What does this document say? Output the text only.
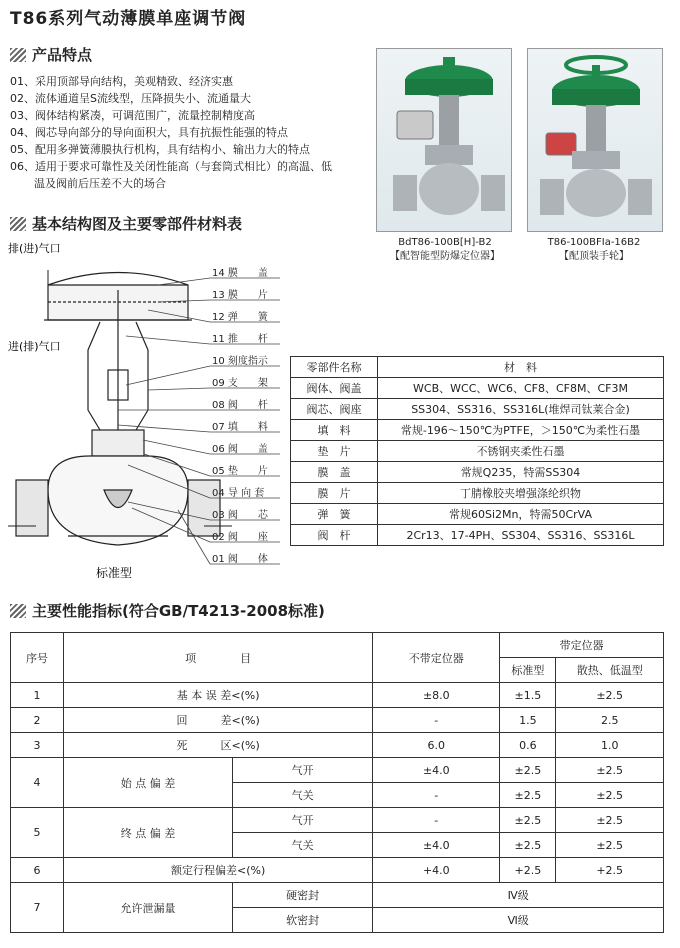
T86系列气动薄膜单座调节阀
产品特点
01、采用顶部导向结构，美观精致、经济实惠
02、流体通道呈S流线型，压降损失小、流通量大
03、阀体结构紧凑，可调范围广，流量控制精度高
04、阀芯导向部分的导向面积大，具有抗振性能强的特点
05、配用多弹簧薄膜执行机构，具有结构小、输出力大的特点
06、适用于要求可靠性及关闭性能高（与套筒式相比）的高温、低
温及阀前后压差不大的场合
BdT86-100B[H]-B2
【配智能型防爆定位器】
T86-100BFIa-16B2
【配顶装手轮】
基本结构图及主要零部件材料表
排(进)气口
进(排)气口
标准型
14 膜　　盖
13 膜　　片
12 弹　　簧
11 推　　杆
10 刻度指示
09 支　　架
08 阀　　杆
07 填　　料
06 阀　　盖
05 垫　　片
04 导 向 套
03 阀　　芯
02 阀　　座
01 阀　　体
主要性能指标(符合GB/T4213-2008标准)
零部件名称	材　料
阀体、阀盖	WCB、WCC、WC6、CF8、CF8M、CF3M
阀芯、阀座	SS304、SS316、SS316L(堆焊司钛莱合金)
填　料	常规-196～150℃为PTFE，＞150℃为柔性石墨
垫　片	不锈钢夹柔性石墨
膜　盖	常规Q235，特需SS304
膜　片	丁腈橡胶夹增强涤纶织物
弹　簧	常规60Si2Mn，特需50CrVA
阀　杆	2Cr13、17-4PH、SS304、SS316、SS316L
序号	项　　　　目		不带定位器	带定位器	
				标准型	散热、低温型
1	基 本 误 差<(%)		±8.0	±1.5	±2.5
2	回　　　差<(%)		-	1.5	2.5
3	死　　　区<(%)		6.0	0.6	1.0
4	始 点 偏 差	气开	±4.0	±2.5	±2.5
		气关	-	±2.5	±2.5
5	终 点 偏 差	气开	-	±2.5	±2.5
		气关	±4.0	±2.5	±2.5
6	额定行程偏差<(%)		+4.0	+2.5	+2.5
7	允许泄漏量	硬密封	Ⅳ级		
		软密封	Ⅵ级		
